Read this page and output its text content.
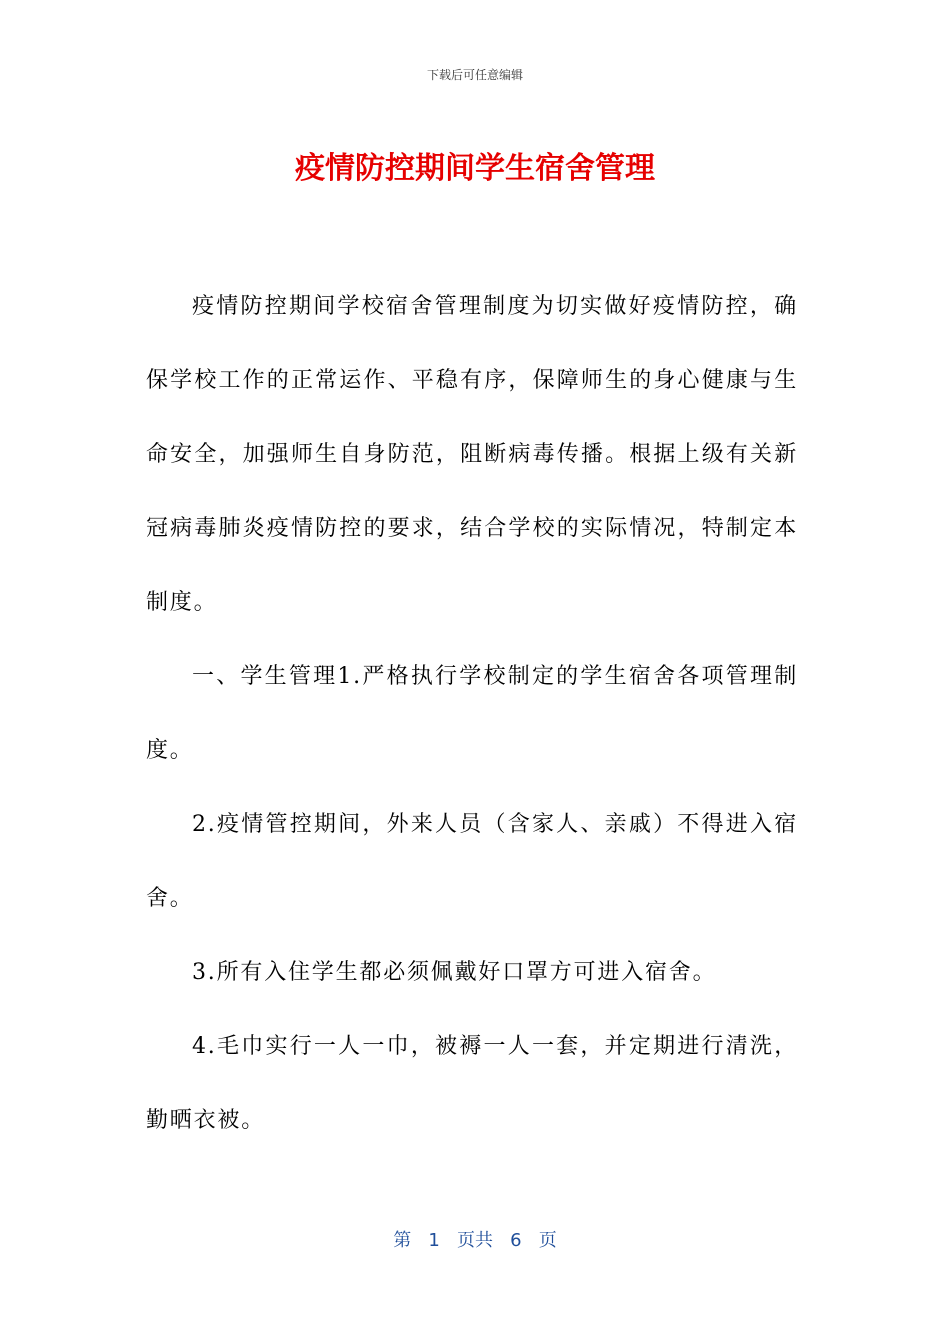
下载后可任意编辑
疫情防控期间学生宿舍管理

疫情防控期间学校宿舍管理制度为切实做好疫情防控，确保学校工作的正常运作、平稳有序，保障师生的身心健康与生命安全，加强师生自身防范，阻断病毒传播。根据上级有关新冠病毒肺炎疫情防控的要求，结合学校的实际情况，特制定本制度。

一、学生管理1.严格执行学校制定的学生宿舍各项管理制度。

2.疫情管控期间，外来人员（含家人、亲戚）不得进入宿舍。

3.所有入住学生都必须佩戴好口罩方可进入宿舍。

4.毛巾实行一人一巾，被褥一人一套，并定期进行清洗，勤晒衣被。

第 1 页共 6 页
